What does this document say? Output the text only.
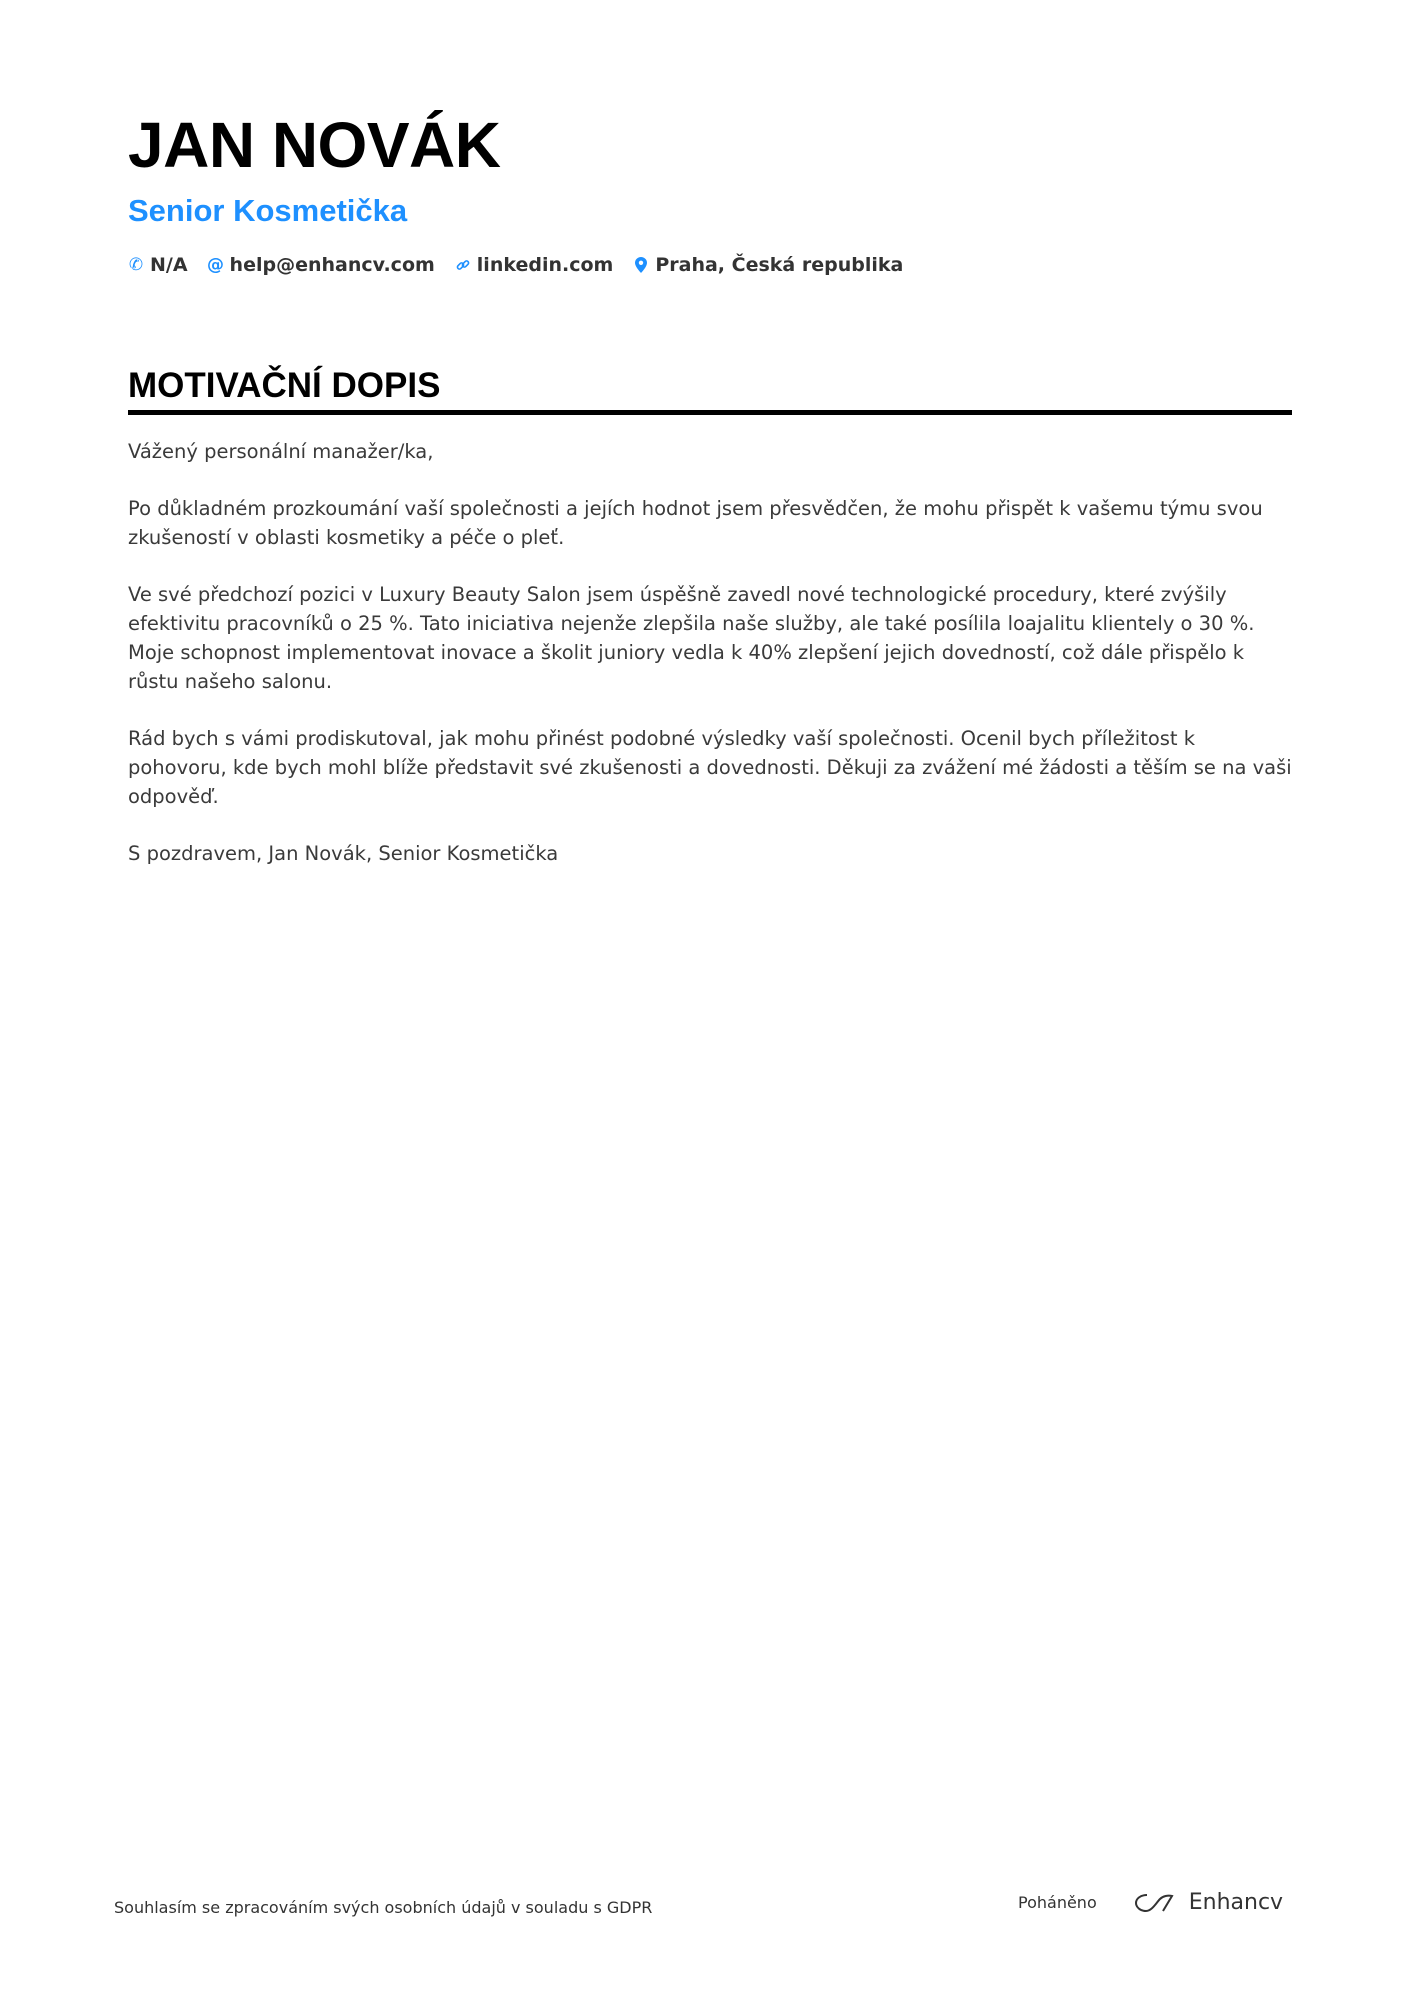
JAN NOVÁK
Senior Kosmetička
✆ N/A @ help@enhancv.com linkedin.com Praha, Česká republika
MOTIVAČNÍ DOPIS

Vážený personální manažer/ka,

Po důkladném prozkoumání vaší společnosti a jejích hodnot jsem přesvědčen, že mohu přispět k vašemu týmu svou zkušeností v oblasti kosmetiky a péče o pleť.

Ve své předchozí pozici v Luxury Beauty Salon jsem úspěšně zavedl nové technologické procedury, které zvýšily efektivitu pracovníků o 25 %. Tato iniciativa nejenže zlepšila naše služby, ale také posílila loajalitu klientely o 30 %. Moje schopnost implementovat inovace a školit juniory vedla k 40% zlepšení jejich dovedností, což dále přispělo k růstu našeho salonu.

Rád bych s vámi prodiskutoval, jak mohu přinést podobné výsledky vaší společnosti. Ocenil bych příležitost k pohovoru, kde bych mohl blíže představit své zkušenosti a dovednosti. Děkuji za zvážení mé žádosti a těším se na vaši odpověď.

S pozdravem, Jan Novák, Senior Kosmetička

Souhlasím se zpracováním svých osobních údajů v souladu s GDPR	Poháněno	Enhancv
